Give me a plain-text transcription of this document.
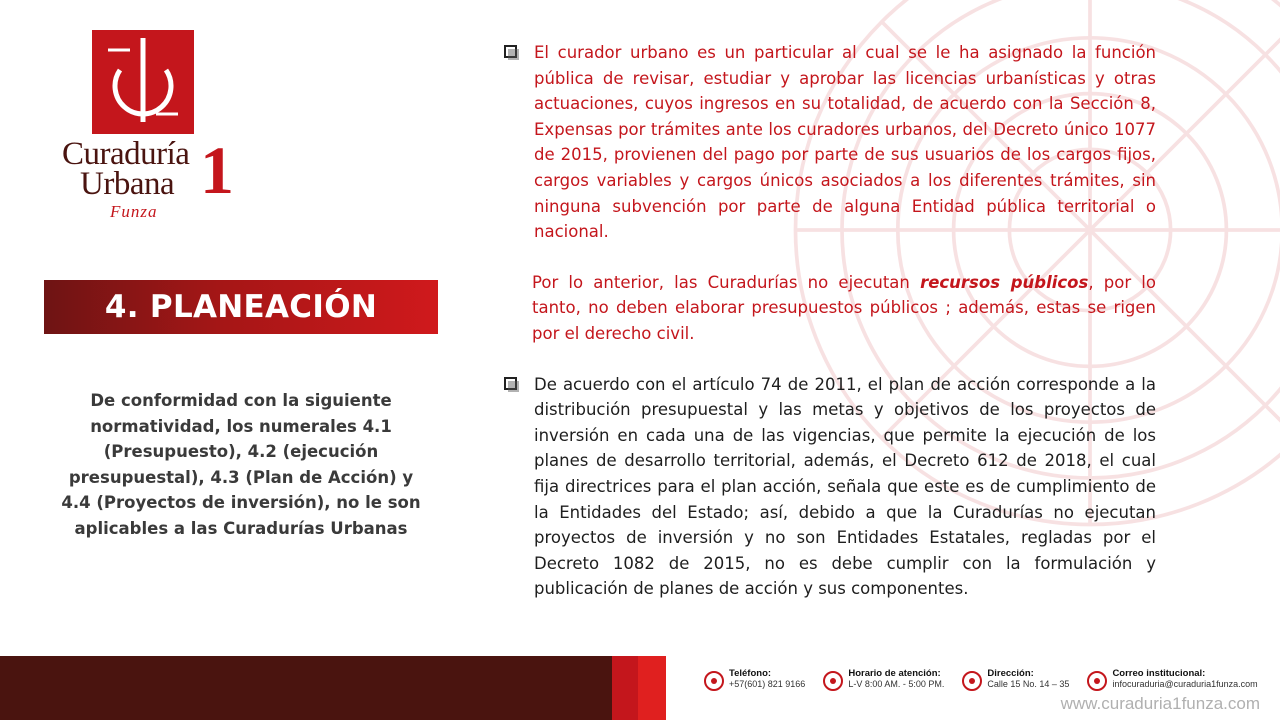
Curaduría
Urbana 1
Funza
4. PLANEACIÓN
De conformidad con la siguiente normatividad, los numerales 4.1 (Presupuesto), 4.2 (ejecución presupuestal), 4.3 (Plan de Acción) y 4.4 (Proyectos de inversión), no le son aplicables a las Curadurías Urbanas
El curador urbano es un particular al cual se le ha asignado la función pública de revisar, estudiar y aprobar las licencias urbanísticas y otras actuaciones, cuyos ingresos en su totalidad, de acuerdo con la Sección 8, Expensas por trámites ante los curadores urbanos, del Decreto único 1077 de 2015, provienen del pago por parte de sus usuarios de los cargos fijos, cargos variables y cargos únicos asociados a los diferentes trámites, sin ninguna subvención por parte de alguna Entidad pública territorial o nacional.
Por lo anterior, las Curadurías no ejecutan recursos públicos, por lo tanto, no deben elaborar presupuestos públicos ; además, estas se rigen por el derecho civil.
De acuerdo con el artículo 74 de 2011, el plan de acción corresponde a la distribución presupuestal y las metas y objetivos de los proyectos de inversión en cada una de las vigencias, que permite la ejecución de los planes de desarrollo territorial, además, el Decreto 612 de 2018, el cual fija directrices para el plan acción, señala que este es de cumplimiento de la Entidades del Estado; así, debido a que la Curadurías no ejecutan proyectos de inversión y no son Entidades Estatales, regladas por el Decreto 1082 de 2015, no es debe cumplir con la formulación y publicación de planes de acción y sus componentes.
Teléfono:
+57(601) 821 9166
Horario de atención:
L-V 8:00 AM. - 5:00 PM.
Dirección:
Calle 15 No. 14 – 35
Correo institucional:
infocuraduria@curaduria1funza.com
www.curaduria1funza.com
